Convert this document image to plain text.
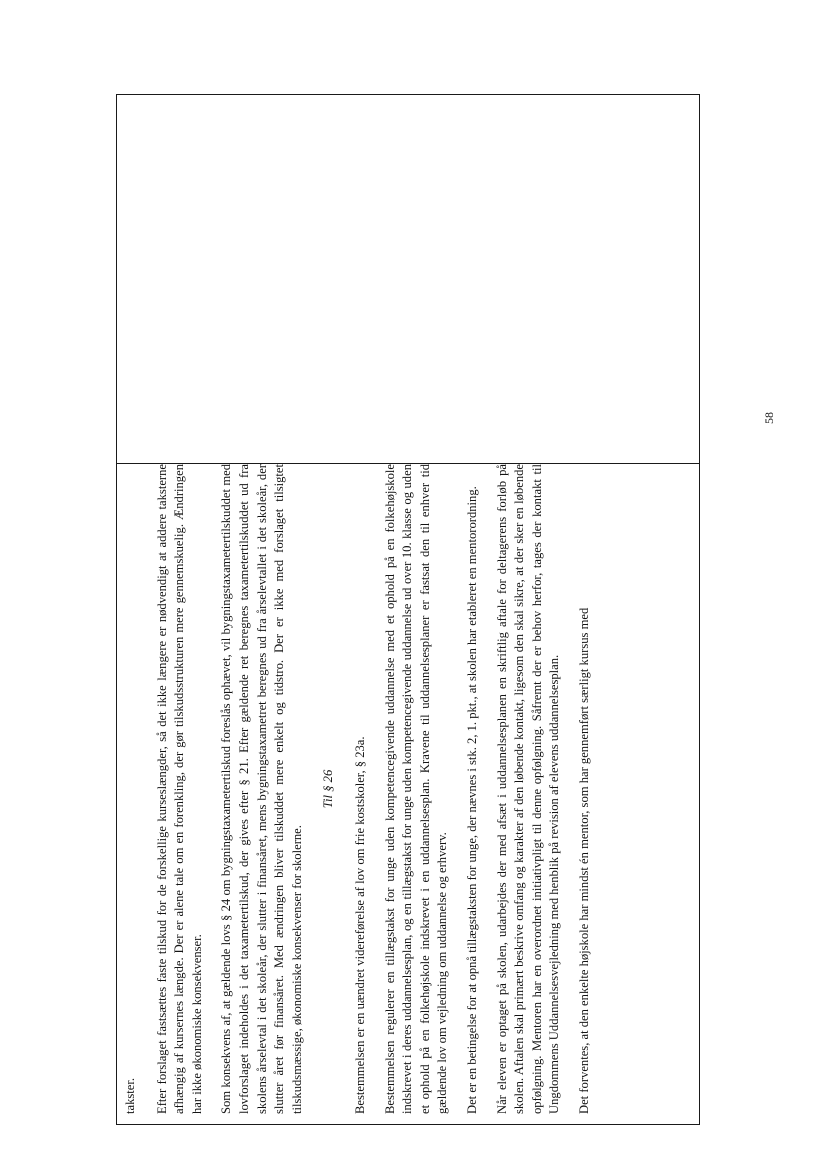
takster. Efter forslaget fastsættes faste tilskud for de forskellige kurseslængder, så det ikke længere er nødvendigt at addere taksterne afhængig af kursernes længde. Der er alene tale om en forenkling, der gør tilskudsstrukturen mere gennemskuelig. Ændringen har ikke økonomiske konsekvenser. Som konsekvens af, at gældende lovs § 24 om bygningstaxametertilskud foreslås ophævet, vil bygningstaxametertilskuddet med lovforslaget indeholdes i det taxametertilskud, der gives efter § 21. Efter gældende ret beregnes taxametertilskuddet ud fra skolens årselevtal i det skoleår, der slutter i finansåret, mens bygningstaxametret beregnes ud fra årselevtallet i det skoleår, der slutter året før finansåret. Med ændringen bliver tilskuddet mere enkelt og tidstro. Der er ikke med forslaget tilsigtet tilskudsmæssige, økonomiske konsekvenser for skolerne.

Til § 26 Bestemmelsen er en uændret videreførelse af lov om frie kostskoler, § 23a. Bestemmelsen regulerer en tillægstakst for unge uden kompetencegivende uddannelse med et ophold på en folkehøjskole indskrevet i deres uddannelsesplan, og en tillægstakst for unge uden kompetencegivende uddannelse ud over 10. klasse og uden et ophold på en folkehøjskole indskrevet i en uddannelsesplan. Kravene til uddannelsesplaner er fastsat den til enhver tid gældende lov om vejledning om uddannelse og erhverv. Det er en betingelse for at opnå tillægstaksten for unge, der nævnes i stk. 2, 1. pkt., at skolen har etableret en mentorordning. Når eleven er optaget på skolen, udarbejdes der med afsæt i uddannelsesplanen en skriftlig aftale for deltagerens forløb på skolen. Aftalen skal primært beskrive omfang og karakter af den løbende kontakt, ligesom den skal sikre, at der sker en løbende opfølgning. Mentoren har en overordnet initiativpligt til denne opfølgning. Såfremt der er behov herfor, tages der kontakt til Ungdommens Uddannelsesvejledning med henblik på revision af elevens uddannelsesplan. Det forventes, at den enkelte højskole har mindst én mentor, som har gennemført særligt kursus med

58
